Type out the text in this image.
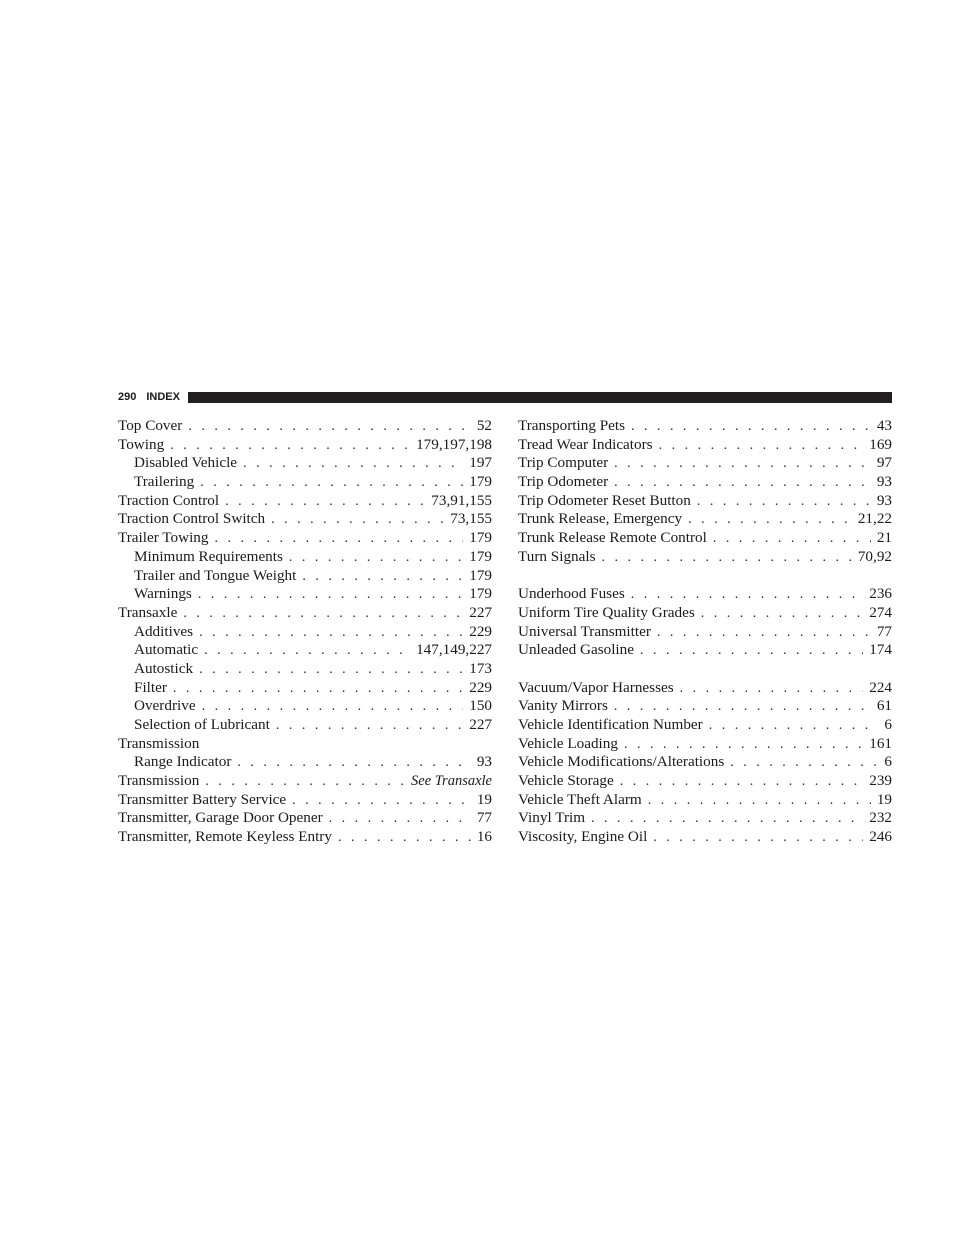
290 INDEX
Top Cover . . .	52
Towing . . .	179,197,198
Disabled Vehicle . . .	197
Trailering . . .	179
Traction Control . . .	73,91,155
Traction Control Switch . . .	73,155
Trailer Towing . . .	179
Minimum Requirements . . .	179
Trailer and Tongue Weight . . .	179
Warnings . . .	179
Transaxle . . .	227
Additives . . .	229
Automatic . . .	147,149,227
Autostick . . .	173
Filter . . .	229
Overdrive . . .	150
Selection of Lubricant . . .	227
Transmission
Range Indicator . . .	93
Transmission . . .	See Transaxle
Transmitter Battery Service . . .	19
Transmitter, Garage Door Opener . . .	77
Transmitter, Remote Keyless Entry . . .	16
Transporting Pets . . .	43
Tread Wear Indicators . . .	169
Trip Computer . . .	97
Trip Odometer . . .	93
Trip Odometer Reset Button . . .	93
Trunk Release, Emergency . . .	21,22
Trunk Release Remote Control . . .	21
Turn Signals . . .	70,92
Underhood Fuses . . .	236
Uniform Tire Quality Grades . . .	274
Universal Transmitter . . .	77
Unleaded Gasoline . . .	174
Vacuum/Vapor Harnesses . . .	224
Vanity Mirrors . . .	61
Vehicle Identification Number . . .	6
Vehicle Loading . . .	161
Vehicle Modifications/Alterations . . .	6
Vehicle Storage . . .	239
Vehicle Theft Alarm . . .	19
Vinyl Trim . . .	232
Viscosity, Engine Oil . . .	246
